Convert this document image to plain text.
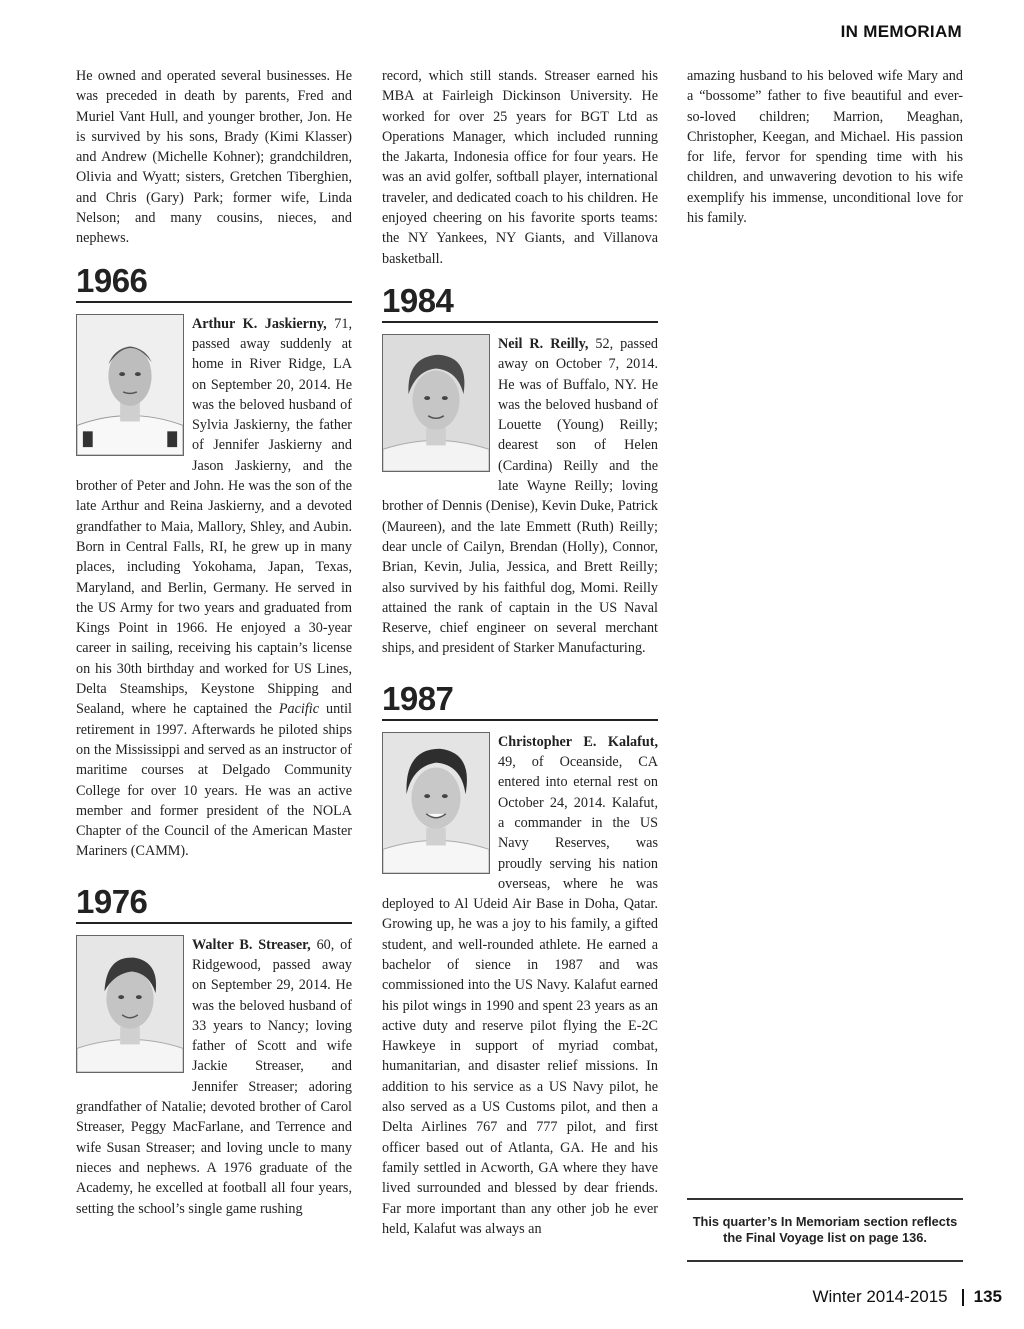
IN MEMORIAM

He owned and operated several businesses. He was preceded in death by parents, Fred and Muriel Vant Hull, and younger brother, Jon. He is survived by his sons, Brady (Kimi Klasser) and Andrew (Michelle Kohner); grandchildren, Olivia and Wyatt; sisters, Gretchen Tiberghien, and Chris (Gary) Park; former wife, Linda Nelson; and many cousins, nieces, and nephews.

1966
Arthur K. Jaskierny, 71, passed away suddenly at home in River Ridge, LA on September 20, 2014. He was the beloved husband of Sylvia Jaskierny, the father of Jennifer Jaskierny and Jason Jaskierny, and the brother of Peter and John. He was the son of the late Arthur and Reina Jaskierny, and a devoted grandfather to Maia, Mallory, Shley, and Aubin. Born in Central Falls, RI, he grew up in many places, including Yokohama, Japan, Texas, Maryland, and Berlin, Germany. He served in the US Army for two years and graduated from Kings Point in 1966. He enjoyed a 30-year career in sailing, receiving his captain’s license on his 30th birthday and worked for US Lines, Delta Steamships, Keystone Shipping and Sealand, where he captained the Pacific until retirement in 1997. Afterwards he piloted ships on the Mississippi and served as an instructor of maritime courses at Delgado Community College for over 10 years. He was an active member and former president of the NOLA Chapter of the Council of the American Master Mariners (CAMM).
1976
Walter B. Streaser, 60, of Ridgewood, passed away on September 29, 2014. He was the beloved husband of 33 years to Nancy; loving father of Scott and wife Jackie Streaser, and Jennifer Streaser; adoring grandfather of Natalie; devoted brother of Carol Streaser, Peggy MacFarlane, and Terrence and wife Susan Streaser; and loving uncle to many nieces and nephews. A 1976 graduate of the Academy, he excelled at football all four years, setting the school’s single game rushing

record, which still stands. Streaser earned his MBA at Fairleigh Dickinson University. He worked for over 25 years for BGT Ltd as Operations Manager, which included running the Jakarta, Indonesia office for four years. He was an avid golfer, softball player, international traveler, and dedicated coach to his children. He enjoyed cheering on his favorite sports teams: the NY Yankees, NY Giants, and Villanova basketball.

1984
Neil R. Reilly, 52, passed away on October 7, 2014. He was of Buffalo, NY. He was the beloved husband of Louette (Young) Reilly; dearest son of Helen (Cardina) Reilly and the late Wayne Reilly; loving brother of Dennis (Denise), Kevin Duke, Patrick (Maureen), and the late Emmett (Ruth) Reilly; dear uncle of Cailyn, Brendan (Holly), Connor, Brian, Kevin, Julia, Jessica, and Brett Reilly; also survived by his faithful dog, Momi. Reilly attained the rank of captain in the US Naval Reserve, chief engineer on several merchant ships, and president of Starker Manufacturing.
1987
Christopher E. Kalafut, 49, of Oceanside, CA entered into eternal rest on October 24, 2014. Kalafut, a commander in the US Navy Reserves, was proudly serving his nation overseas, where he was deployed to Al Udeid Air Base in Doha, Qatar. Growing up, he was a joy to his family, a gifted student, and well-rounded athlete. He earned a bachelor of sience in 1987 and was commissioned into the US Navy. Kalafut earned his pilot wings in 1990 and spent 23 years as an active duty and reserve pilot flying the E-2C Hawkeye in support of myriad combat, humanitarian, and disaster relief missions. In addition to his service as a US Navy pilot, he also served as a US Customs pilot, and then a Delta Airlines 767 and 777 pilot, and first officer based out of Atlanta, GA. He and his family settled in Acworth, GA where they have lived surrounded and blessed by dear friends. Far more important than any other job he ever held, Kalafut was always an

amazing husband to his beloved wife Mary and a “bossome” father to five beautiful and ever-so-loved children; Marrion, Meaghan, Christopher, Keegan, and Michael. His passion for life, fervor for spending time with his children, and unwavering devotion to his wife exemplify his immense, unconditional love for his family.

This quarter’s In Memoriam section reflects the Final Voyage list on page 136.
Winter 2014-2015 135
